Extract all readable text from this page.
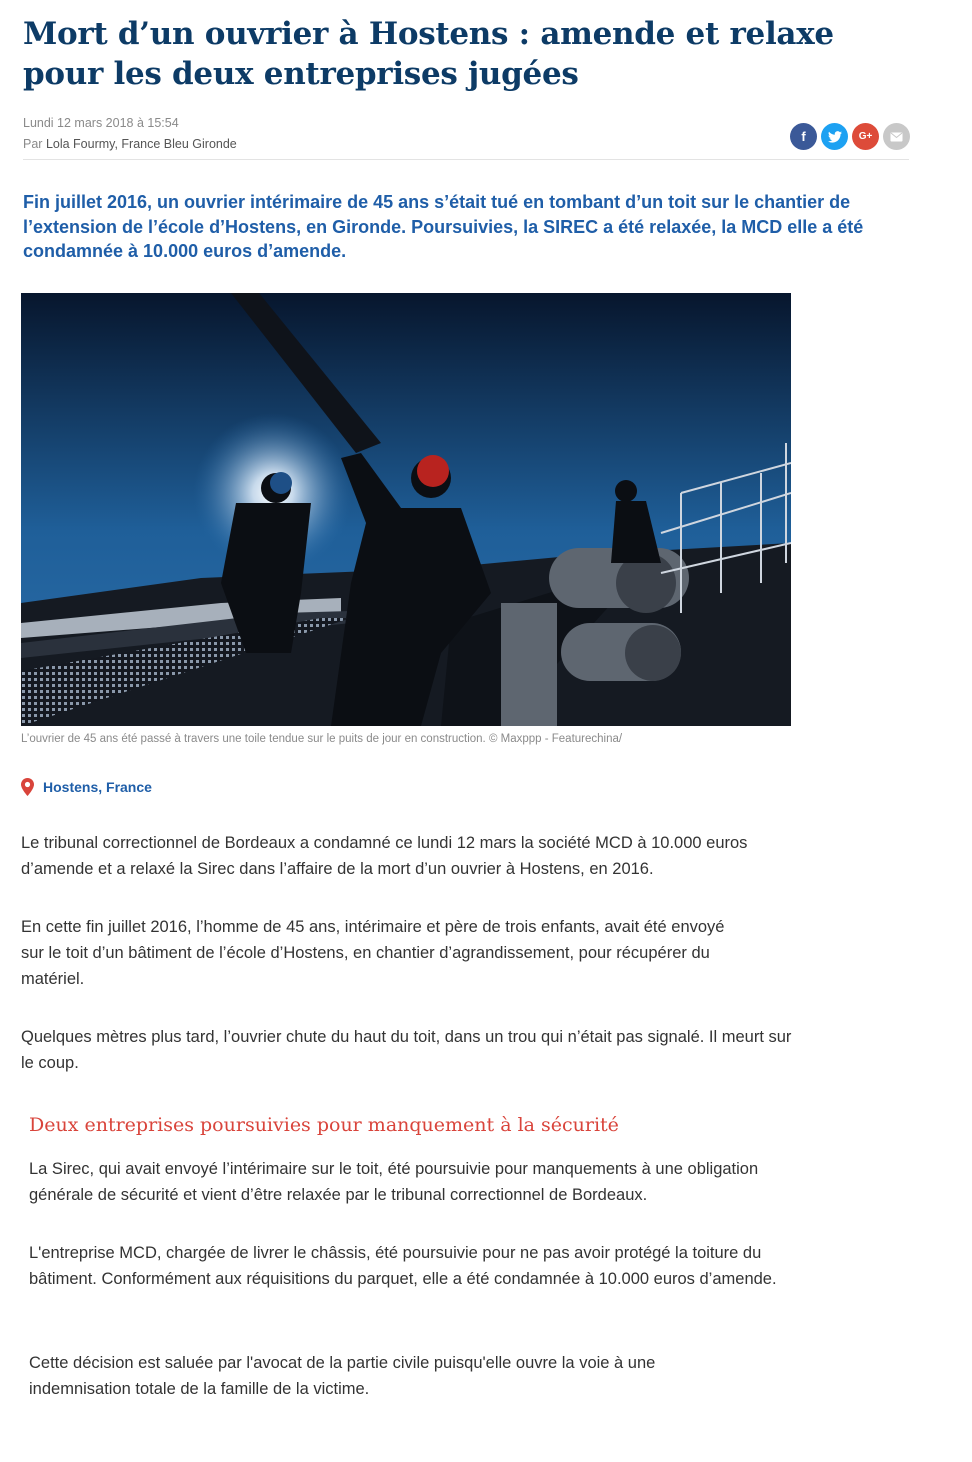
Mort d’un ouvrier à Hostens : amende et relaxe pour les deux entreprises jugées
Lundi 12 mars 2018 à 15:54
Par Lola Fourmy, France Bleu Gironde	f	G+

Fin juillet 2016, un ouvrier intérimaire de 45 ans s’était tué en tombant d’un toit sur le chantier de l’extension de l’école d’Hostens, en Gironde. Poursuivies, la SIREC a été relaxée, la MCD elle a été condamnée à 10.000 euros d’amende.

L’ouvrier de 45 ans été passé à travers une toile tendue sur le puits de jour en construction. © Maxppp - Featurechina/
Hostens, France

Le tribunal correctionnel de Bordeaux a condamné ce lundi 12 mars la société MCD à 10.000 euros d’amende et a relaxé la Sirec dans l’affaire de la mort d’un ouvrier à Hostens, en 2016.

En cette fin juillet 2016, l’homme de 45 ans, intérimaire et père de trois enfants, avait été envoyé sur le toit d’un bâtiment de l’école d’Hostens, en chantier d’agrandissement, pour récupérer du matériel.

Quelques mètres plus tard, l’ouvrier chute du haut du toit, dans un trou qui n’était pas signalé. Il meurt sur le coup.

Deux entreprises poursuivies pour manquement à la sécurité

La Sirec, qui avait envoyé l’intérimaire sur le toit, été poursuivie pour manquements à une obligation générale de sécurité et vient d’être relaxée par le tribunal correctionnel de Bordeaux.

L'entreprise MCD, chargée de livrer le châssis, été poursuivie pour ne pas avoir protégé la toiture du bâtiment. Conformément aux réquisitions du parquet, elle a été condamnée à 10.000 euros d’amende.

Cette décision est saluée par l'avocat de la partie civile puisqu'elle ouvre la voie à une indemnisation totale de la famille de la victime.
